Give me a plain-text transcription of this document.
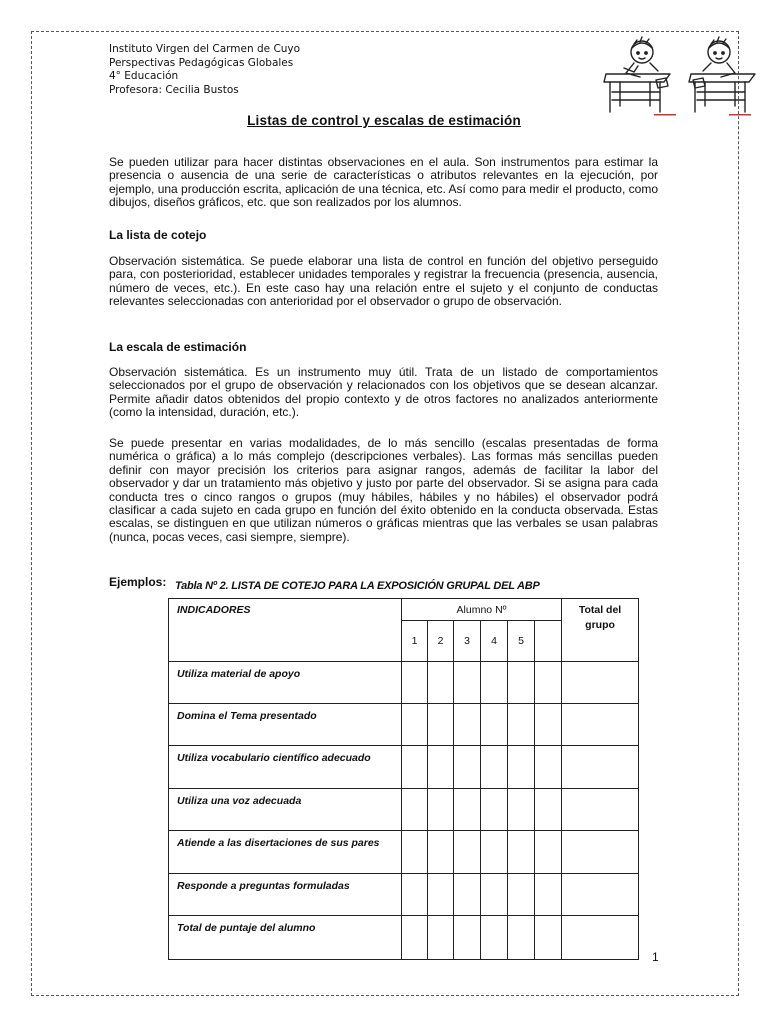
Instituto Virgen del Carmen de Cuyo
Perspectivas Pedagógicas Globales
4° Educación
Profesora: Cecilia Bustos
Listas de control y escalas de estimación

Se pueden utilizar para hacer distintas observaciones en el aula. Son instrumentos para estimar la presencia o ausencia de una serie de características o atributos relevantes en la ejecución, por ejemplo, una producción escrita, aplicación de una técnica, etc. Así como para medir el producto, como dibujos, diseños gráficos, etc. que son realizados por los alumnos.

La lista de cotejo

Observación sistemática. Se puede elaborar una lista de control en función del objetivo perseguido para, con posterioridad, establecer unidades temporales y registrar la frecuencia (presencia, ausencia, número de veces, etc.). En este caso hay una relación entre el sujeto y el conjunto de conductas relevantes seleccionadas con anterioridad por el observador o grupo de observación.

La escala de estimación

Observación sistemática. Es un instrumento muy útil. Trata de un listado de comportamientos seleccionados por el grupo de observación y relacionados con los objetivos que se desean alcanzar. Permite añadir datos obtenidos del propio contexto y de otros factores no analizados anteriormente (como la intensidad, duración, etc.).

Se puede presentar en varias modalidades, de lo más sencillo (escalas presentadas de forma numérica o gráfica) a lo más complejo (descripciones verbales). Las formas más sencillas pueden definir con mayor precisión los criterios para asignar rangos, además de facilitar la labor del observador y dar un tratamiento más objetivo y justo por parte del observador. Si se asigna para cada conducta tres o cinco rangos o grupos (muy hábiles, hábiles y no hábiles) el observador podrá clasificar a cada sujeto en cada grupo en función del éxito obtenido en la conducta observada. Estas escalas, se distinguen en que utilizan números o gráficas mientras que las verbales se usan palabras (nunca, pocas veces, casi siempre, siempre).

Ejemplos: Tabla Nº 2. LISTA DE COTEJO PARA LA EXPOSICIÓN GRUPAL DEL ABP
INDICADORES	Alumno Nº						Total del
grupo
	1	2	3	4	5		
Utiliza material de apoyo							
Domina el Tema presentado							
Utiliza vocabulario científico adecuado							
Utiliza una voz adecuada							
Atiende a las disertaciones de sus pares							
Responde a preguntas formuladas							
Total de puntaje del alumno							
1
